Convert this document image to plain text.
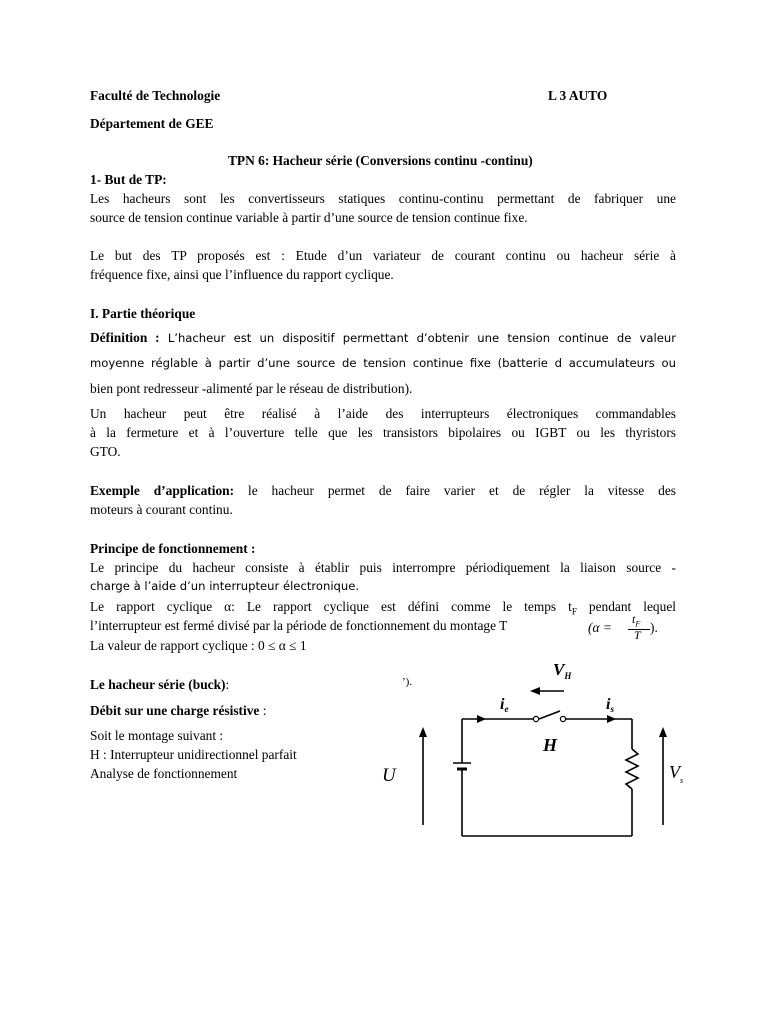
Faculté de Technologie	L 3 AUTO
Département de GEE
TPN 6: Hacheur série (Conversions continu -continu)
1- But de TP:
Les hacheurs sont les convertisseurs statiques continu-continu permettant de fabriquer une
source de tension continue variable à partir d’une source de tension continue fixe.
Le but des TP proposés est : Etude d’un variateur de courant continu ou hacheur série à
fréquence fixe, ainsi que l’influence du rapport cyclique.
I. Partie théorique
Définition : L’hacheur est un dispositif permettant d’obtenir une tension continue de valeur
moyenne réglable à partir d’une source de tension continue fixe (batterie d accumulateurs ou
bien pont redresseur -alimenté par le réseau de distribution).
Un hacheur peut être réalisé à l’aide des interrupteurs électroniques commandables
à la fermeture et à l’ouverture telle que les transistors bipolaires ou IGBT ou les thyristors
GTO.
Exemple d’application: le hacheur permet de faire varier et de régler la vitesse des
moteurs à courant continu.
Principe de fonctionnement :
Le principe du hacheur consiste à établir puis interrompre périodiquement la liaison source -
charge à l’aide d’un interrupteur électronique.
Le rapport cyclique α: Le rapport cyclique est défini comme le temps $t_F$ pendant lequel
l’interrupteur est fermé divisé par la période de fonctionnement du montage T	(α =
$t_F$
T ).
La valeur de rapport cyclique : 0 ≤ α ≤ 1
Le hacheur série (buck):
Débit sur une charge résistive :
Soit le montage suivant :
H : Interrupteur unidirectionnel parfait
Analyse de fonctionnement
’).
$V_H$
ie	is
H
U	$V_s$
